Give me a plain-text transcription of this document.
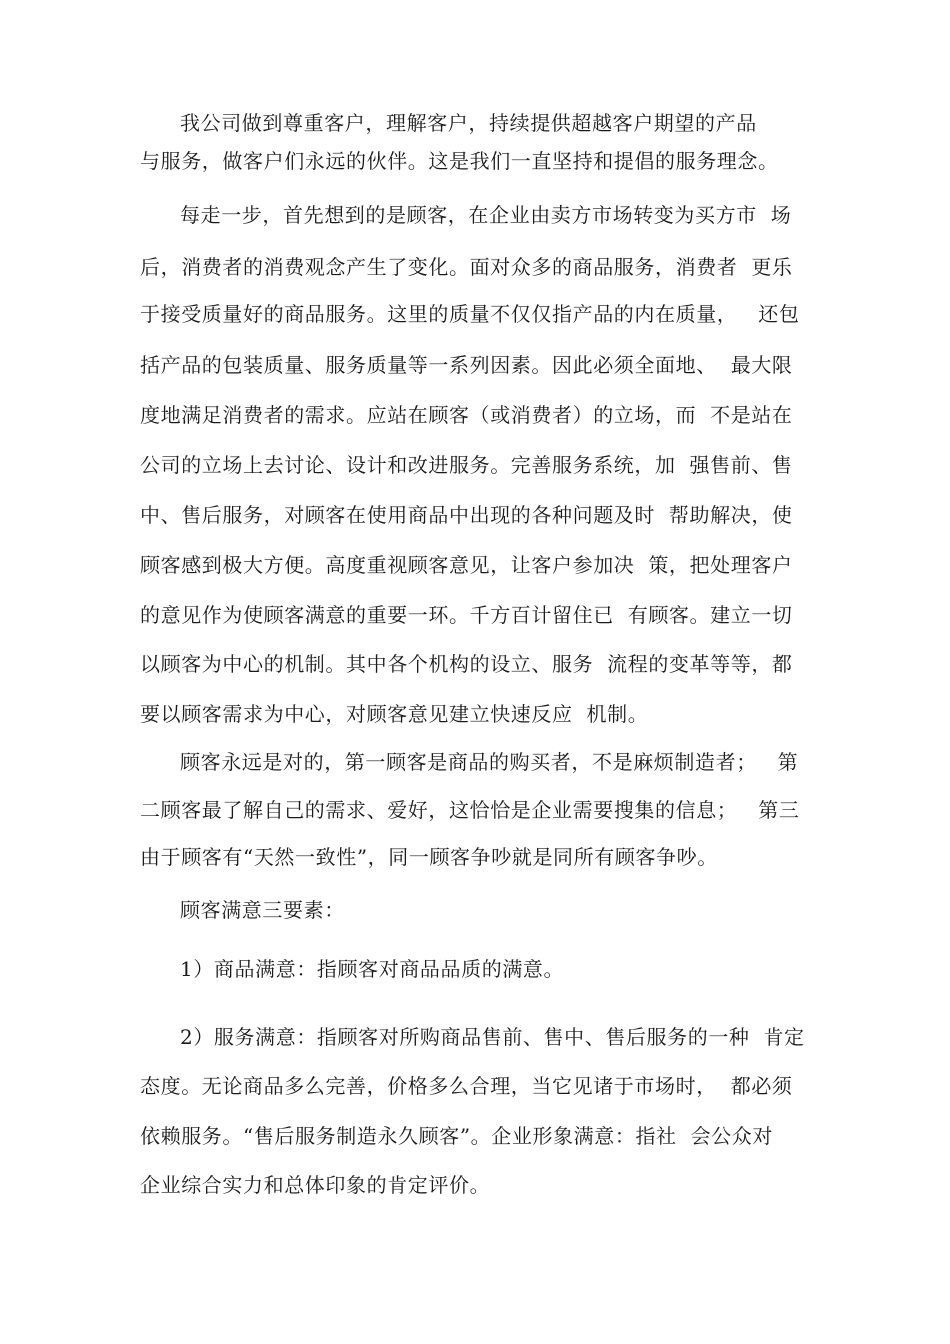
我公司做到尊重客户，理解客户，持续提供超越客户期望的产品

与服务，做客户们永远的伙伴。这是我们一直坚持和提倡的服务理念。

每走一步，首先想到的是顾客，在企业由卖方市场转变为买方市  场

后，消费者的消费观念产生了变化。面对众多的商品服务，消费者  更乐

于接受质量好的商品服务。这里的质量不仅仅指产品的内在质量，   还包

括产品的包装质量、服务质量等一系列因素。因此必须全面地、  最大限

度地满足消费者的需求。应站在顾客（或消费者）的立场，而  不是站在

公司的立场上去讨论、设计和改进服务。完善服务系统，加  强售前、售

中、售后服务，对顾客在使用商品中出现的各种问题及时  帮助解决，使

顾客感到极大方便。高度重视顾客意见，让客户参加决  策，把处理客户

的意见作为使顾客满意的重要一环。千方百计留住已  有顾客。建立一切

以顾客为中心的机制。其中各个机构的设立、服务  流程的变革等等，都

要以顾客需求为中心，对顾客意见建立快速反应  机制。

顾客永远是对的，第一顾客是商品的购买者，不是麻烦制造者；   第

二顾客最了解自己的需求、爱好，这恰恰是企业需要搜集的信息；   第三

由于顾客有“天然一致性”，同一顾客争吵就是同所有顾客争吵。

顾客满意三要素：

1）商品满意：指顾客对商品品质的满意。

2）服务满意：指顾客对所购商品售前、售中、售后服务的一种  肯定

态度。无论商品多么完善，价格多么合理，当它见诸于市场时，  都必须

依赖服务。“售后服务制造永久顾客”。企业形象满意：指社  会公众对

企业综合实力和总体印象的肯定评价。
